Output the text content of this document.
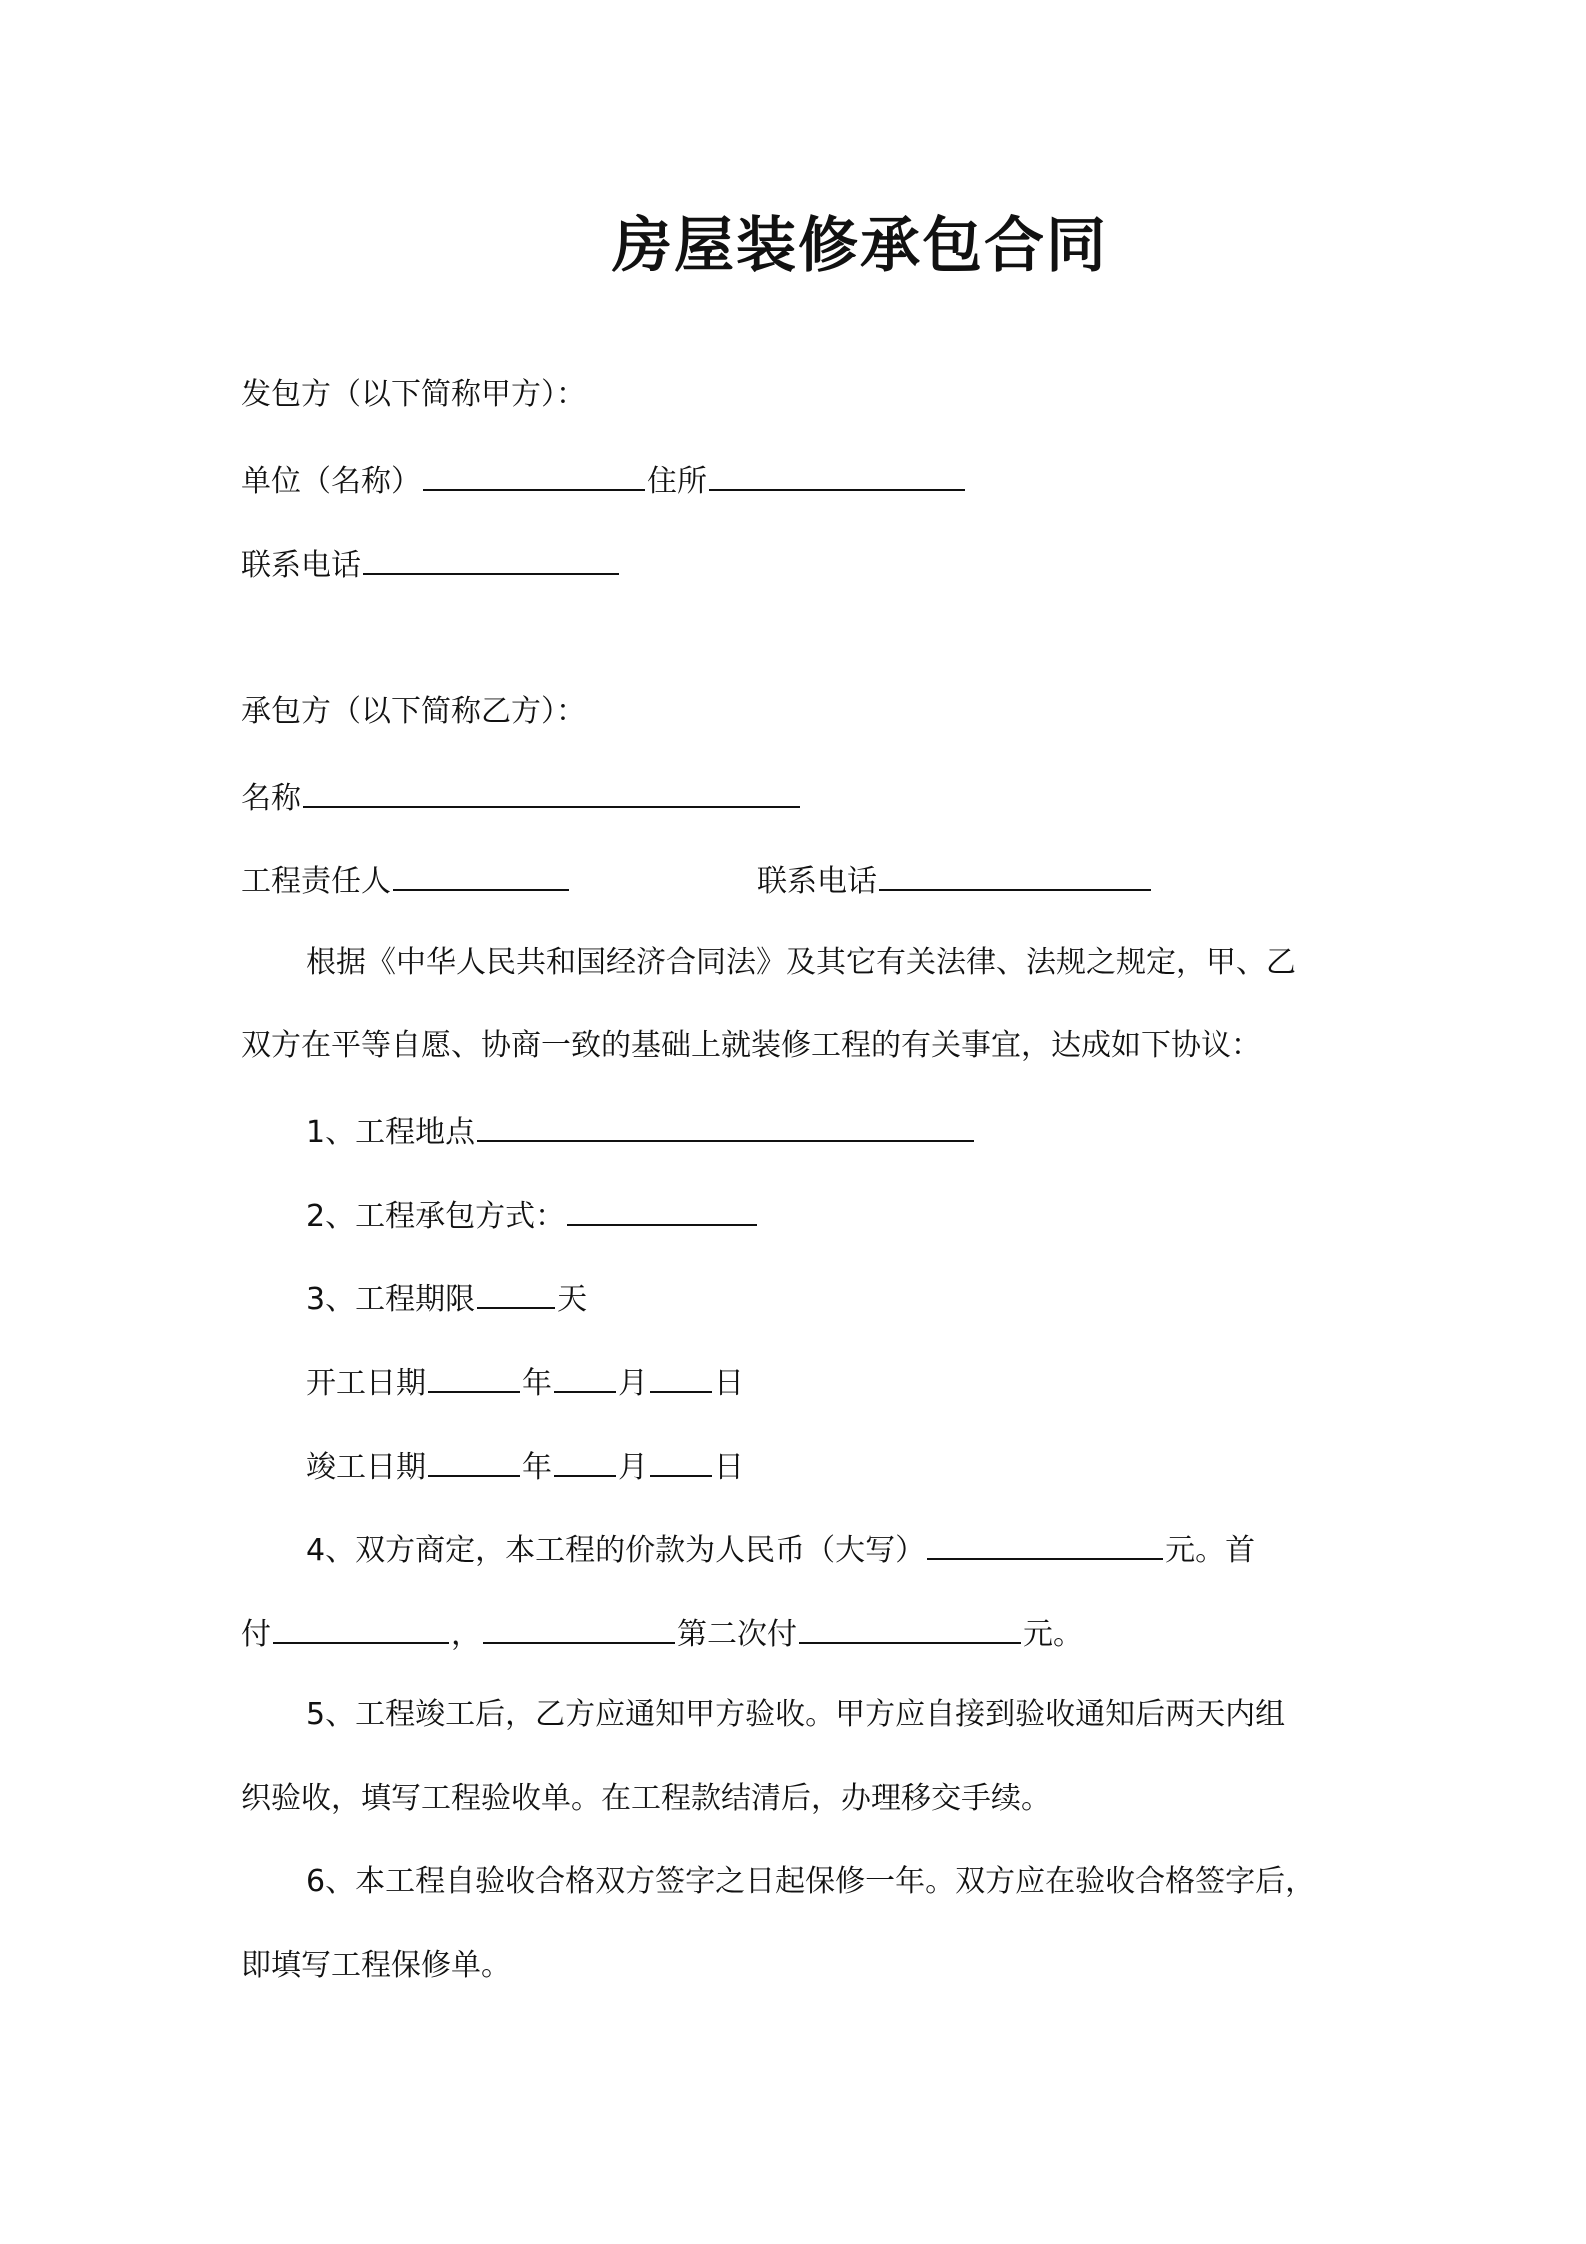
房屋装修承包合同
发包方（以下简称甲方）：
单位（名称）	住所
联系电话
承包方（以下简称乙方）：
名称
工程责任人	联系电话
根据《中华人民共和国经济合同法》及其它有关法律、法规之规定，甲、乙
双方在平等自愿、协商一致的基础上就装修工程的有关事宜，达成如下协议：
1、工程地点
2、工程承包方式：
3、工程期限	天
开工日期	年 月 日
竣工日期	年 月 日
4、双方商定，本工程的价款为人民币（大写）	元。首
付	，	第二次付	元。
5、工程竣工后，乙方应通知甲方验收。甲方应自接到验收通知后两天内组
织验收，填写工程验收单。在工程款结清后，办理移交手续。
6、本工程自验收合格双方签字之日起保修一年。双方应在验收合格签字后，
即填写工程保修单。
